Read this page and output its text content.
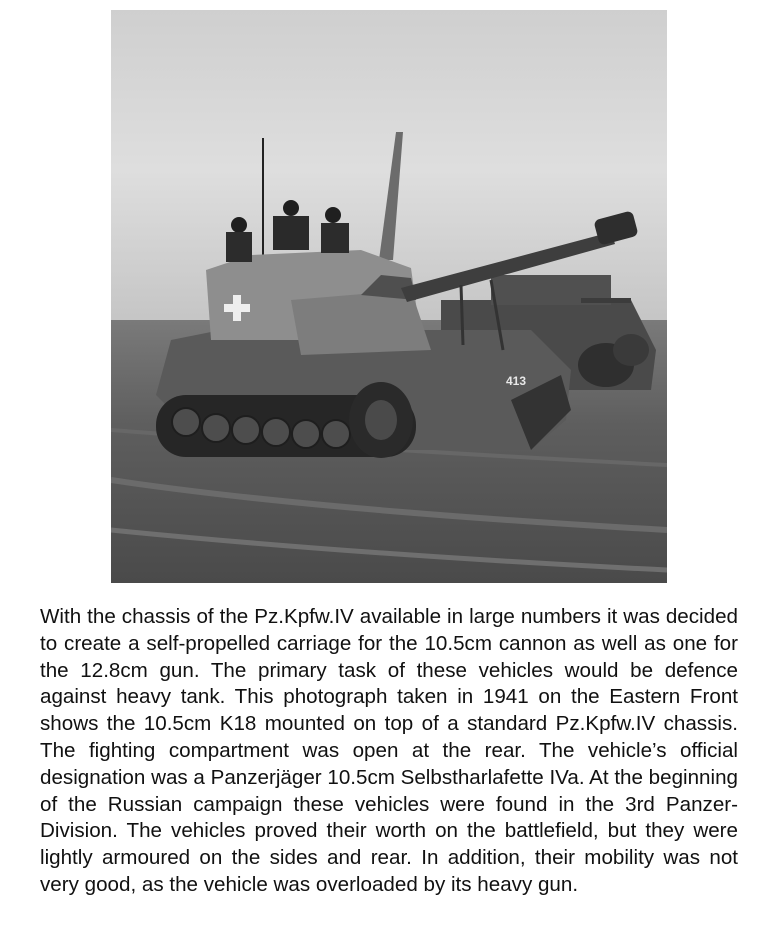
413

With the chassis of the Pz.Kpfw.IV available in large numbers it was decided to create a self-propelled carriage for the 10.5cm cannon as well as one for the 12.8cm gun. The primary task of these vehicles would be defence against heavy tank. This photograph taken in 1941 on the Eastern Front shows the 10.5cm K18 mounted on top of a standard Pz.Kpfw.IV chassis. The fighting compartment was open at the rear. The vehicle’s official designation was a Panzerjäger 10.5cm Selbstharlafette IVa. At the beginning of the Russian campaign these vehicles were found in the 3rd Panzer-Division. The vehicles proved their worth on the battlefield, but they were lightly armoured on the sides and rear. In addition, their mobility was not very good, as the vehicle was overloaded by its heavy gun.
